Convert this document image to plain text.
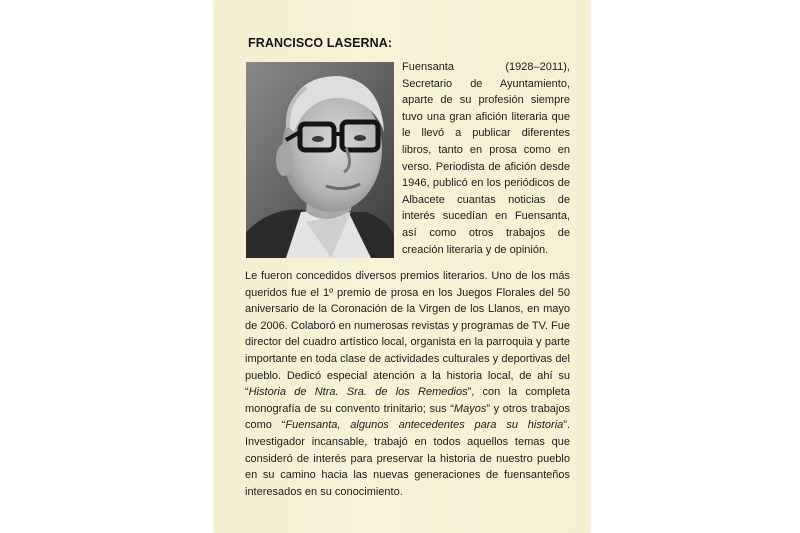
FRANCISCO LASERNA:

Fuensanta (1928–2011), Secretario de Ayuntamiento, aparte de su profesión siempre tuvo una gran afición literaria que le llevó a publicar diferentes libros, tanto en prosa como en verso. Periodista de afición desde 1946, publicó en los periódicos de Albacete cuantas noticias de interés sucedían en Fuensanta, así como otros trabajos de creación literaria y de opinión.

Le fueron concedidos diversos premios literarios. Uno de los más queridos fue el 1º premio de prosa en los Juegos Florales del 50 aniversario de la Coronación de la Virgen de los Llanos, en mayo de 2006. Colaboró en numerosas revistas y programas de TV. Fue director del cuadro artístico local, organista en la parroquia y parte importante en toda clase de actividades culturales y deportivas del pueblo. Dedicó especial atención a la historia local, de ahí su “Historia de Ntra. Sra. de los Remedios”, con la completa monografía de su convento trinitario; sus “Mayos” y otros trabajos como “Fuensanta, algunos antecedentes para su historia”. Investigador incansable, trabajó en todos aquellos temas que consideró de interés para preservar la historia de nuestro pueblo en su camino hacia las nuevas generaciones de fuensanteños interesados en su conocimiento.
